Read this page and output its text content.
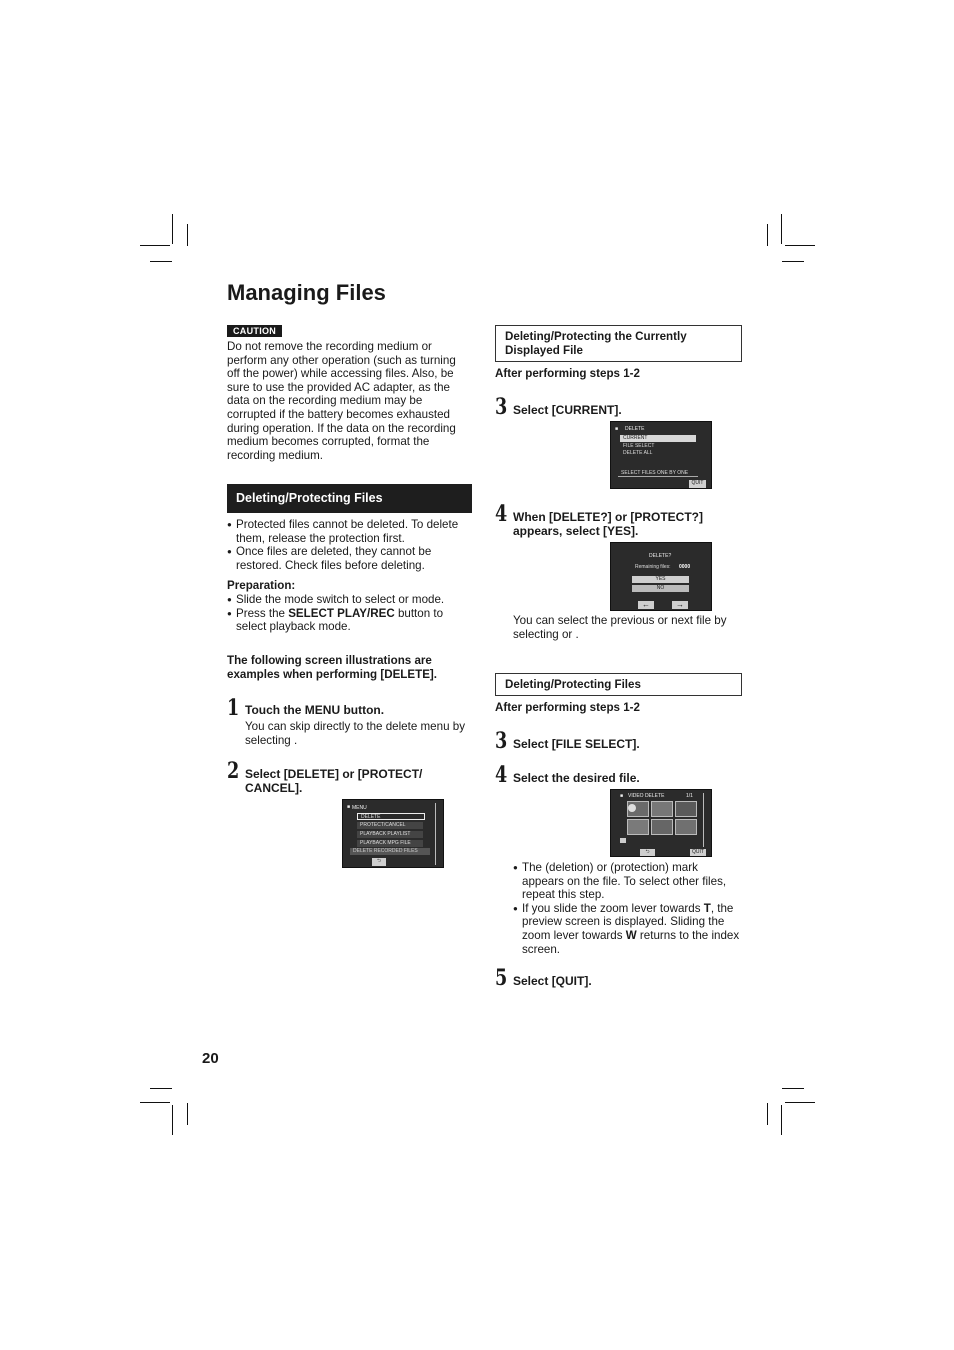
Managing Files
CAUTION
Do not remove the recording medium or perform any other operation (such as turning off the power) while accessing files. Also, be sure to use the provided AC adapter, as the data on the recording medium may be corrupted if the battery becomes exhausted during operation. If the data on the recording medium becomes corrupted, format the recording medium.
Deleting/Protecting Files
● Protected files cannot be deleted. To delete them, release the protection first.
● Once files are deleted, they cannot be restored. Check files before deleting.
Preparation:
● Slide the mode switch to select or mode.
● Press the SELECT PLAY/REC button to select playback mode.
The following screen illustrations are examples when performing [DELETE].
1 Touch the MENU button.
You can skip directly to the delete menu by selecting .
2 Select [DELETE] or [PROTECT/ CANCEL].
■ MENU
DELETE
PROTECT/CANCEL
PLAYBACK PLAYLIST
PLAYBACK MPG FILE
DELETE RECORDED FILES
⮌
Deleting/Protecting the Currently Displayed File
After performing steps 1-2
3 Select [CURRENT].
■ DELETE
CURRENT
FILE SELECT
DELETE ALL
SELECT FILES ONE BY ONE
QUIT
4 When [DELETE?] or [PROTECT?] appears, select [YES].
DELETE?
Remaining files: 0000
YES
NO
←	→
You can select the previous or next file by selecting or .
Deleting/Protecting Files
After performing steps 1-2
3 Select [FILE SELECT].
4 Select the desired file.
■ VIDEO DELETE	1/1
⮌	QUIT
● The (deletion) or (protection) mark appears on the file. To select other files, repeat this step.
● If you slide the zoom lever towards T, the preview screen is displayed. Sliding the zoom lever towards W returns to the index screen.
5 Select [QUIT].
20
